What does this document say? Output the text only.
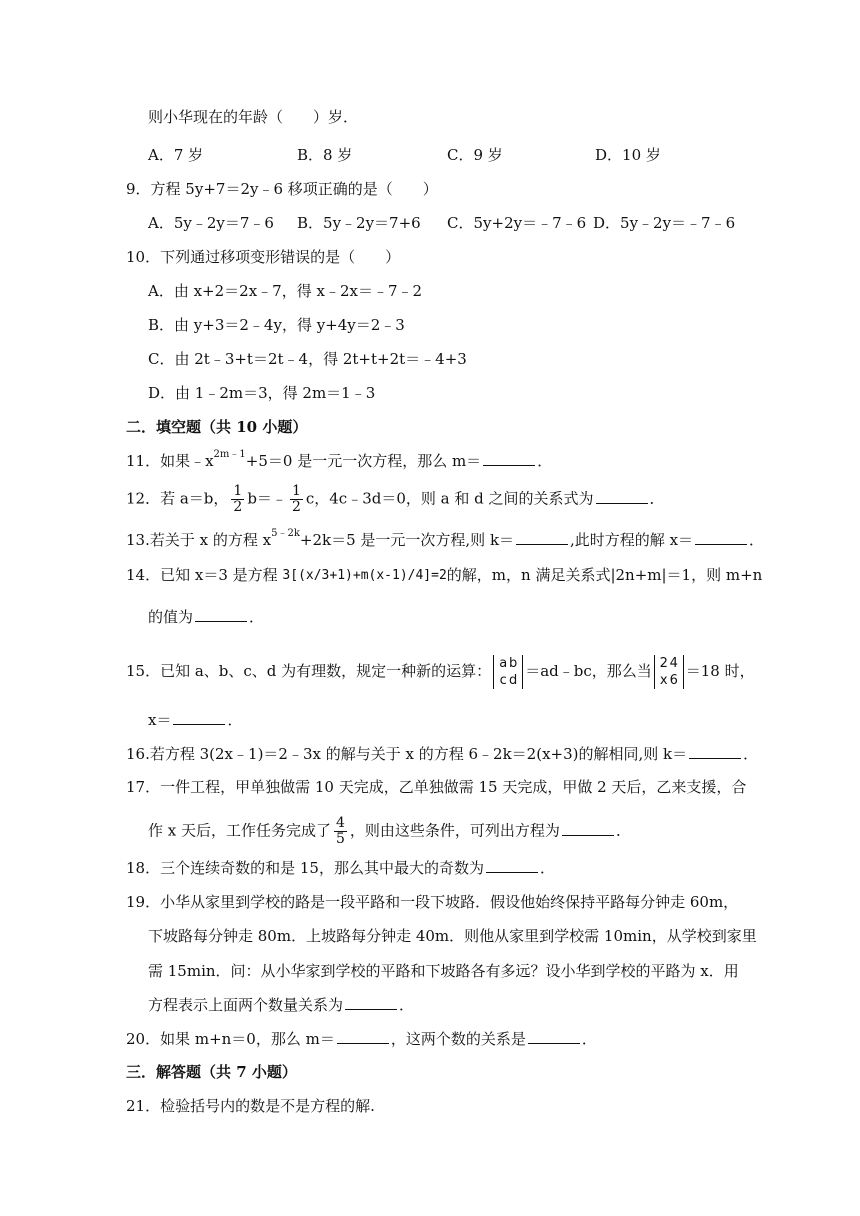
则小华现在的年龄（　　）岁．
A．7 岁	B．8 岁	C．9 岁	D．10 岁
9．方程 5y+7＝2y﹣6 移项正确的是（　　）
A．5y﹣2y＝7﹣6 B．5y﹣2y＝7+6 C．5y+2y＝﹣7﹣6 D．5y﹣2y＝﹣7﹣6
10．下列通过移项变形错误的是（　　）
A．由 x+2＝2x﹣7，得 x﹣2x＝﹣7﹣2
B．由 y+3＝2﹣4y，得 y+4y＝2﹣3
C．由 2t﹣3+t＝2t﹣4，得 2t+t+2t＝﹣4+3
D．由 1﹣2m＝3，得 2m＝1﹣3
二．填空题（共 10 小题）
11．如果$﹣x^{2m﹣1}+5=0$ 是一元一次方程，那么 m＝	．
12．若 a＝b， $\frac{1}{2}$ b＝﹣ $\frac{1}{2}$ c，4c﹣3d＝0，则 a 和 d 之间的关系式为	．
13.若关于 x 的方程 $x^{5﹣2k}+2k=5$ 是一元一次方程,则 k＝	,此时方程的解 x＝	．
14．已知 x＝3 是方程 3[(x/3+1)+m(x-1)/4]=2的解，m，n 满足关系式|2n+m|＝1，则 m+n
的值为	．
15．已知 a、b、c、d 为有理数，规定一种新的运算： a b
c d＝ad﹣bc，那么当 2 4
x 6＝18 时，
x＝	．
16.若方程 3(2x﹣1)＝2﹣3x 的解与关于 x 的方程 6﹣2k＝2(x+3)的解相同,则 k＝	．
17．一件工程，甲单独做需 10 天完成，乙单独做需 15 天完成，甲做 2 天后，乙来支援，合
作 x 天后，工作任务完成了 $\frac{4}{5}$ ，则由这些条件，可列出方程为	．
18．三个连续奇数的和是 15，那么其中最大的奇数为	．
19．小华从家里到学校的路是一段平路和一段下坡路．假设他始终保持平路每分钟走 60m，
下坡路每分钟走 80m．上坡路每分钟走 40m．则他从家里到学校需 10min，从学校到家里
需 15min．问：从小华家到学校的平路和下坡路各有多远？设小华到学校的平路为 x．用
方程表示上面两个数量关系为	．
20．如果 m+n＝0，那么 m＝	，这两个数的关系是	．
三．解答题（共 7 小题）
21．检验括号内的数是不是方程的解.
